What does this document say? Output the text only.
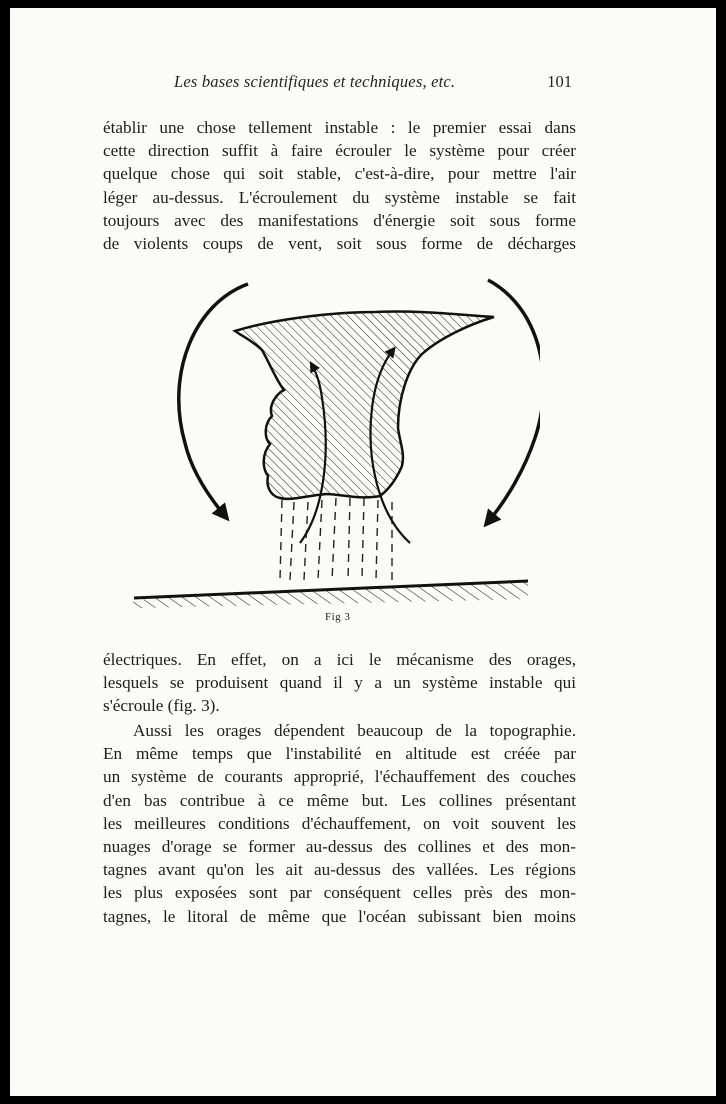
Les bases scientifiques et techniques, etc.	101
établir une chose tellement instable : le premier essai dans
cette direction suffit à faire écrouler le système pour créer
quelque chose qui soit stable, c'est-à-dire, pour mettre l'air
léger au-dessus. L'écroulement du système instable se fait
toujours avec des manifestations d'énergie soit sous forme
de violents coups de vent, soit sous forme de décharges
Fig 3
électriques. En effet, on a ici le mécanisme des orages,
lesquels se produisent quand il y a un système instable qui
s'écroule (fig. 3).
Aussi les orages dépendent beaucoup de la topographie.
En même temps que l'instabilité en altitude est créée par
un système de courants approprié, l'échauffement des couches
d'en bas contribue à ce même but. Les collines présentant
les meilleures conditions d'échauffement, on voit souvent les
nuages d'orage se former au-dessus des collines et des mon-
tagnes avant qu'on les ait au-dessus des vallées. Les régions
les plus exposées sont par conséquent celles près des mon-
tagnes, le litoral de même que l'océan subissant bien moins
